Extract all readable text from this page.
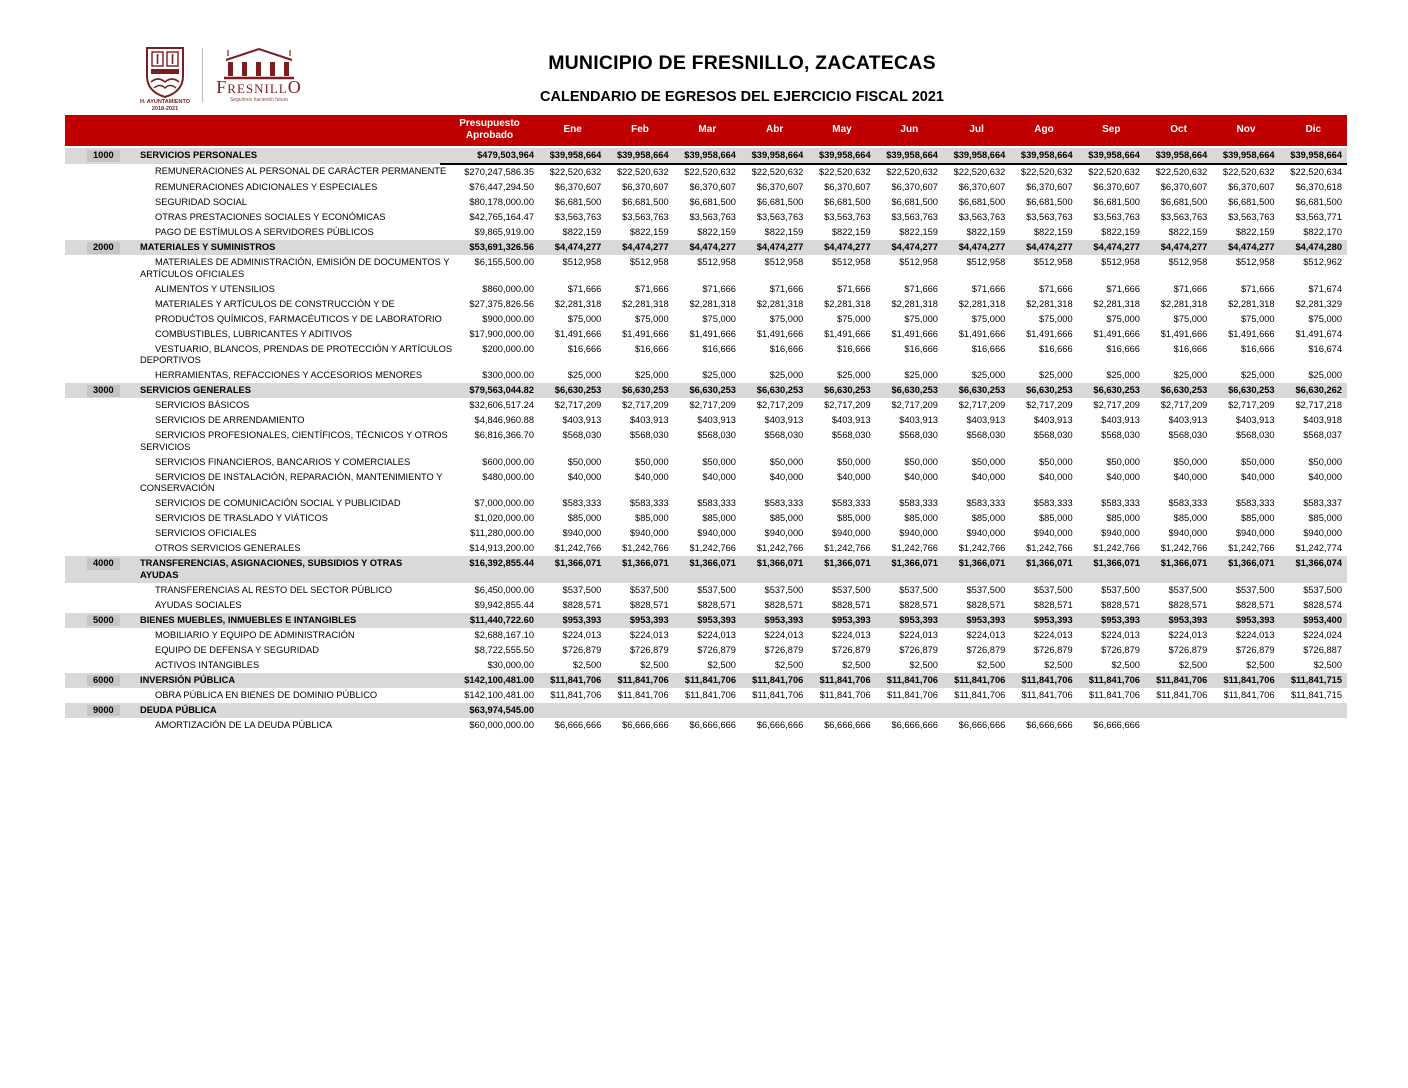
H. AYUNTAMIENTO
2018-2021
FRESNILLO
Seguimos haciendo futuro
MUNICIPIO DE FRESNILLO, ZACATECAS
CALENDARIO DE EGRESOS DEL EJERCICIO FISCAL 2021
		Presupuesto
Aprobado	Ene	Feb	Mar	Abr	May	Jun	Jul	Ago	Sep	Oct	Nov	Dic
1000	SERVICIOS PERSONALES	$479,503,964	$39,958,664	$39,958,664	$39,958,664	$39,958,664	$39,958,664	$39,958,664	$39,958,664	$39,958,664	$39,958,664	$39,958,664	$39,958,664	$39,958,664

	REMUNERACIONES AL PERSONAL DE CARÁCTER PERMANENTE	$270,247,586.35	$22,520,632	$22,520,632	$22,520,632	$22,520,632	$22,520,632	$22,520,632	$22,520,632	$22,520,632	$22,520,632	$22,520,632	$22,520,632	$22,520,634

	REMUNERACIONES ADICIONALES Y ESPECIALES	$76,447,294.50	$6,370,607	$6,370,607	$6,370,607	$6,370,607	$6,370,607	$6,370,607	$6,370,607	$6,370,607	$6,370,607	$6,370,607	$6,370,607	$6,370,618

	SEGURIDAD SOCIAL	$80,178,000.00	$6,681,500	$6,681,500	$6,681,500	$6,681,500	$6,681,500	$6,681,500	$6,681,500	$6,681,500	$6,681,500	$6,681,500	$6,681,500	$6,681,500

	OTRAS PRESTACIONES SOCIALES Y ECONÓMICAS	$42,765,164.47	$3,563,763	$3,563,763	$3,563,763	$3,563,763	$3,563,763	$3,563,763	$3,563,763	$3,563,763	$3,563,763	$3,563,763	$3,563,763	$3,563,771

	PAGO DE ESTÍMULOS A SERVIDORES PÚBLICOS	$9,865,919.00	$822,159	$822,159	$822,159	$822,159	$822,159	$822,159	$822,159	$822,159	$822,159	$822,159	$822,159	$822,170
2000	MATERIALES Y SUMINISTROS	$53,691,326.56	$4,474,277	$4,474,277	$4,474,277	$4,474,277	$4,474,277	$4,474,277	$4,474,277	$4,474,277	$4,474,277	$4,474,277	$4,474,277	$4,474,280

	MATERIALES DE ADMINISTRACIÓN, EMISIÓN DE DOCUMENTOS Y
ARTÍCULOS OFICIALES	$6,155,500.00	$512,958	$512,958	$512,958	$512,958	$512,958	$512,958	$512,958	$512,958	$512,958	$512,958	$512,958	$512,962

	ALIMENTOS Y UTENSILIOS	$860,000.00	$71,666	$71,666	$71,666	$71,666	$71,666	$71,666	$71,666	$71,666	$71,666	$71,666	$71,666	$71,674

	MATERIALES Y ARTÍCULOS DE CONSTRUCCIÓN Y DE	$27,375,826.56	$2,281,318	$2,281,318	$2,281,318	$2,281,318	$2,281,318	$2,281,318	$2,281,318	$2,281,318	$2,281,318	$2,281,318	$2,281,318	$2,281,329

	PRODUĆTOS QUÍMICOS, FARMACÉUTICOS Y DE LABORATORIO	$900,000.00	$75,000	$75,000	$75,000	$75,000	$75,000	$75,000	$75,000	$75,000	$75,000	$75,000	$75,000	$75,000

	COMBUSTIBLES, LUBRICANTES Y ADITIVOS	$17,900,000.00	$1,491,666	$1,491,666	$1,491,666	$1,491,666	$1,491,666	$1,491,666	$1,491,666	$1,491,666	$1,491,666	$1,491,666	$1,491,666	$1,491,674

	VESTUARIO, BLANCOS, PRENDAS DE PROTECCIÓN Y ARTÍCULOS
DEPORTIVOS	$200,000.00	$16,666	$16,666	$16,666	$16,666	$16,666	$16,666	$16,666	$16,666	$16,666	$16,666	$16,666	$16,674

	HERRAMIENTAS, REFACCIONES Y ACCESORIOS MENORES	$300,000.00	$25,000	$25,000	$25,000	$25,000	$25,000	$25,000	$25,000	$25,000	$25,000	$25,000	$25,000	$25,000
3000	SERVICIOS GENERALES	$79,563,044.82	$6,630,253	$6,630,253	$6,630,253	$6,630,253	$6,630,253	$6,630,253	$6,630,253	$6,630,253	$6,630,253	$6,630,253	$6,630,253	$6,630,262

	SERVICIOS BÁSICOS	$32,606,517.24	$2,717,209	$2,717,209	$2,717,209	$2,717,209	$2,717,209	$2,717,209	$2,717,209	$2,717,209	$2,717,209	$2,717,209	$2,717,209	$2,717,218

	SERVICIOS DE ARRENDAMIENTO	$4,846,960.88	$403,913	$403,913	$403,913	$403,913	$403,913	$403,913	$403,913	$403,913	$403,913	$403,913	$403,913	$403,918

	SERVICIOS PROFESIONALES, CIENTÍFICOS, TÉCNICOS Y OTROS
SERVICIOS	$6,816,366.70	$568,030	$568,030	$568,030	$568,030	$568,030	$568,030	$568,030	$568,030	$568,030	$568,030	$568,030	$568,037

	SERVICIOS FINANCIEROS, BANCARIOS Y COMERCIALES	$600,000.00	$50,000	$50,000	$50,000	$50,000	$50,000	$50,000	$50,000	$50,000	$50,000	$50,000	$50,000	$50,000

	SERVICIOS DE INSTALACIÓN, REPARACIÓN, MANTENIMIENTO Y
CONSERVACIÓN	$480,000.00	$40,000	$40,000	$40,000	$40,000	$40,000	$40,000	$40,000	$40,000	$40,000	$40,000	$40,000	$40,000

	SERVICIOS DE COMUNICACIÓN SOCIAL Y PUBLICIDAD	$7,000,000.00	$583,333	$583,333	$583,333	$583,333	$583,333	$583,333	$583,333	$583,333	$583,333	$583,333	$583,333	$583,337

	SERVICIOS DE TRASLADO Y VIÁTICOS	$1,020,000.00	$85,000	$85,000	$85,000	$85,000	$85,000	$85,000	$85,000	$85,000	$85,000	$85,000	$85,000	$85,000

	SERVICIOS OFICIALES	$11,280,000.00	$940,000	$940,000	$940,000	$940,000	$940,000	$940,000	$940,000	$940,000	$940,000	$940,000	$940,000	$940,000

	OTROS SERVICIOS GENERALES	$14,913,200.00	$1,242,766	$1,242,766	$1,242,766	$1,242,766	$1,242,766	$1,242,766	$1,242,766	$1,242,766	$1,242,766	$1,242,766	$1,242,766	$1,242,774
4000	TRANSFERENCIAS, ASIGNACIONES, SUBSIDIOS Y OTRAS
AYUDAS	$16,392,855.44	$1,366,071	$1,366,071	$1,366,071	$1,366,071	$1,366,071	$1,366,071	$1,366,071	$1,366,071	$1,366,071	$1,366,071	$1,366,071	$1,366,074

	TRANSFERENCIAS AL RESTO DEL SECTOR PÚBLICO	$6,450,000.00	$537,500	$537,500	$537,500	$537,500	$537,500	$537,500	$537,500	$537,500	$537,500	$537,500	$537,500	$537,500

	AYUDAS SOCIALES	$9,942,855.44	$828,571	$828,571	$828,571	$828,571	$828,571	$828,571	$828,571	$828,571	$828,571	$828,571	$828,571	$828,574
5000	BIENES MUEBLES, INMUEBLES E INTANGIBLES	$11,440,722.60	$953,393	$953,393	$953,393	$953,393	$953,393	$953,393	$953,393	$953,393	$953,393	$953,393	$953,393	$953,400

	MOBILIARIO Y EQUIPO DE ADMINISTRACIÓN	$2,688,167.10	$224,013	$224,013	$224,013	$224,013	$224,013	$224,013	$224,013	$224,013	$224,013	$224,013	$224,013	$224,024

	EQUIPO DE DEFENSA Y SEGURIDAD	$8,722,555.50	$726,879	$726,879	$726,879	$726,879	$726,879	$726,879	$726,879	$726,879	$726,879	$726,879	$726,879	$726,887

	ACTIVOS INTANGIBLES	$30,000.00	$2,500	$2,500	$2,500	$2,500	$2,500	$2,500	$2,500	$2,500	$2,500	$2,500	$2,500	$2,500
6000	INVERSIÓN PÚBLICA	$142,100,481.00	$11,841,706	$11,841,706	$11,841,706	$11,841,706	$11,841,706	$11,841,706	$11,841,706	$11,841,706	$11,841,706	$11,841,706	$11,841,706	$11,841,715

	OBRA PÚBLICA EN BIENES DE DOMINIO PÚBLICO	$142,100,481.00	$11,841,706	$11,841,706	$11,841,706	$11,841,706	$11,841,706	$11,841,706	$11,841,706	$11,841,706	$11,841,706	$11,841,706	$11,841,706	$11,841,715
9000	DEUDA PÚBLICA	$63,974,545.00												

	AMORTIZACIÓN DE LA DEUDA PÚBLICA	$60,000,000.00	$6,666,666	$6,666,666	$6,666,666	$6,666,666	$6,666,666	$6,666,666	$6,666,666	$6,666,666	$6,666,666			
